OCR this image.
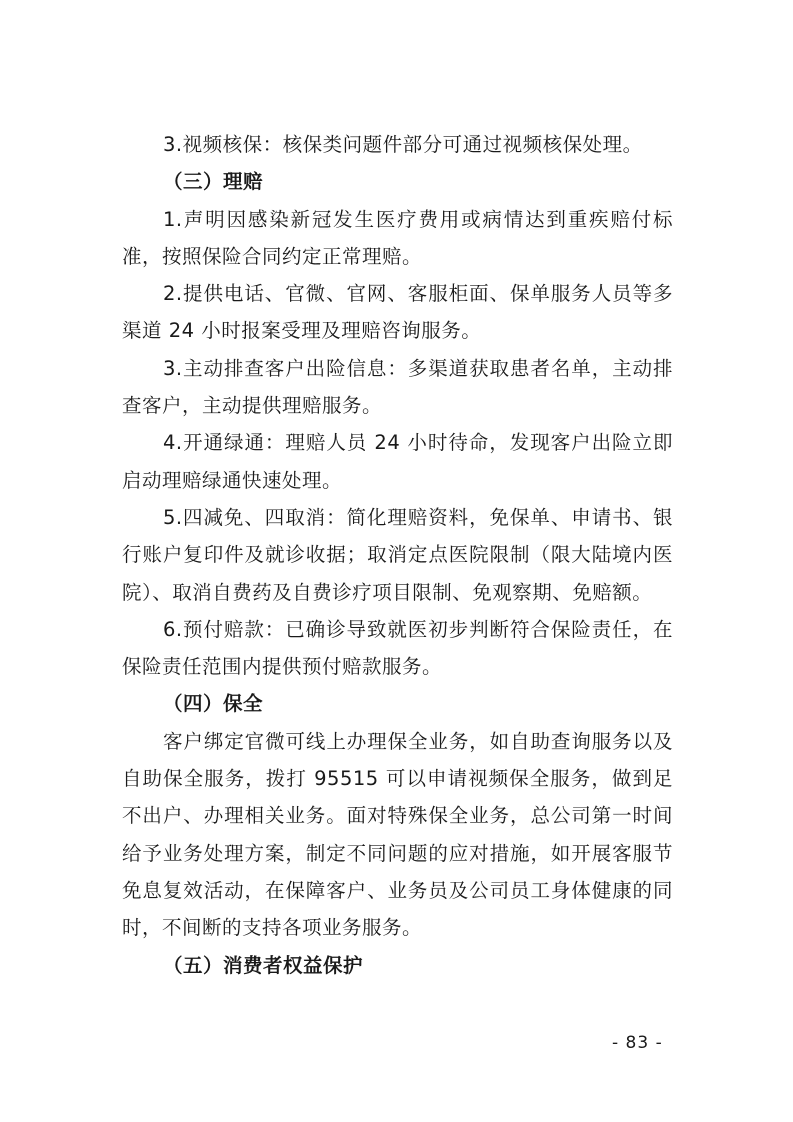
3.视频核保：核保类问题件部分可通过视频核保处理。

（三）理赔

1.声明因感染新冠发生医疗费用或病情达到重疾赔付标准，按照保险合同约定正常理赔。

2.提供电话、官微、官网、客服柜面、保单服务人员等多渠道 24 小时报案受理及理赔咨询服务。

3.主动排查客户出险信息：多渠道获取患者名单，主动排查客户，主动提供理赔服务。

4.开通绿通：理赔人员 24 小时待命，发现客户出险立即启动理赔绿通快速处理。

5.四减免、四取消：简化理赔资料，免保单、申请书、银行账户复印件及就诊收据；取消定点医院限制（限大陆境内医院）、取消自费药及自费诊疗项目限制、免观察期、免赔额。

6.预付赔款：已确诊导致就医初步判断符合保险责任，在保险责任范围内提供预付赔款服务。

（四）保全

客户绑定官微可线上办理保全业务，如自助查询服务以及自助保全服务，拨打 95515 可以申请视频保全服务，做到足不出户、办理相关业务。面对特殊保全业务，总公司第一时间给予业务处理方案，制定不同问题的应对措施，如开展客服节免息复效活动，在保障客户、业务员及公司员工身体健康的同时，不间断的支持各项业务服务。

（五）消费者权益保护

- 83 -
